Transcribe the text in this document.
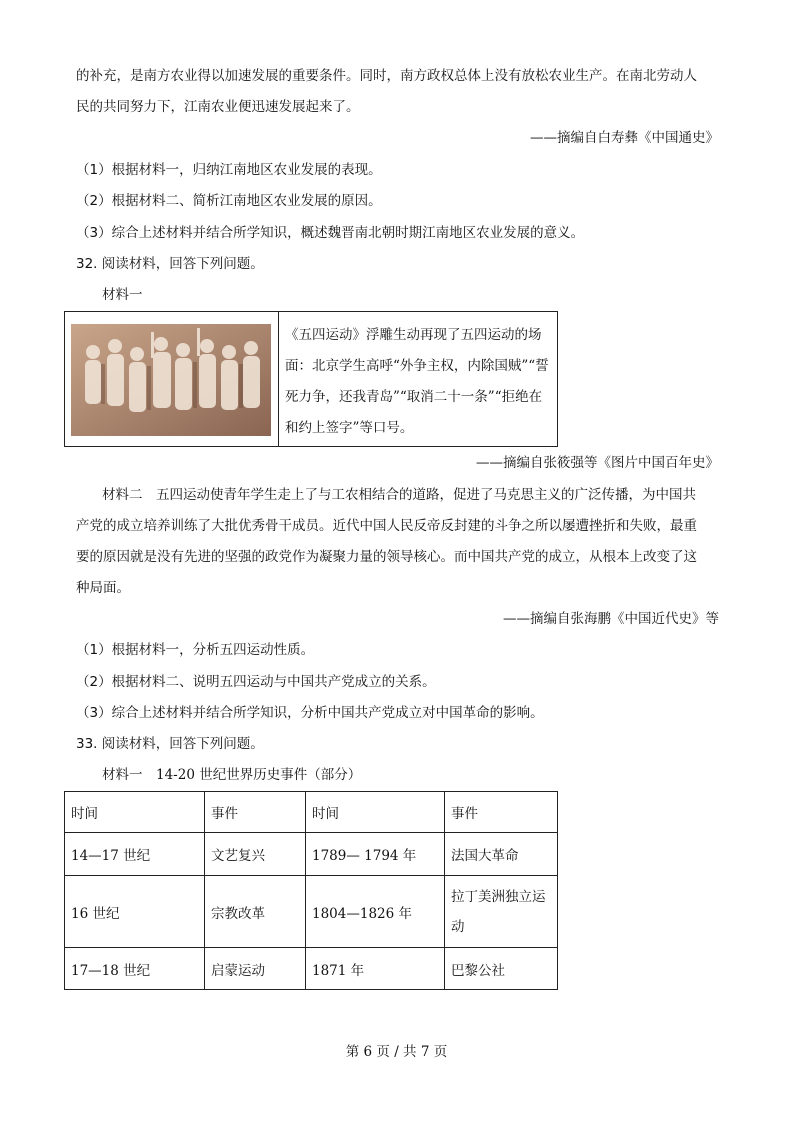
的补充，是南方农业得以加速发展的重要条件。同时，南方政权总体上没有放松农业生产。在南北劳动人
民的共同努力下，江南农业便迅速发展起来了。
——摘编自白寿彝《中国通史》
（1）根据材料一，归纳江南地区农业发展的表现。
（2）根据材料二、简析江南地区农业发展的原因。
（3）综合上述材料并结合所学知识，概述魏晋南北朝时期江南地区农业发展的意义。
32. 阅读材料，回答下列问题。
材料一
《五四运动》浮雕生动再现了五四运动的场面：北京学生高呼“外争主权，内除国贼”“誓死力争，还我青岛”“取消二十一条”“拒绝在和约上签字”等口号。
——摘编自张筱强等《图片中国百年史》
材料二　五四运动使青年学生走上了与工农相结合的道路，促进了马克思主义的广泛传播，为中国共
产党的成立培养训练了大批优秀骨干成员。近代中国人民反帝反封建的斗争之所以屡遭挫折和失败，最重
要的原因就是没有先进的坚强的政党作为凝聚力量的领导核心。而中国共产党的成立，从根本上改变了这
种局面。
——摘编自张海鹏《中国近代史》等
（1）根据材料一，分析五四运动性质。
（2）根据材料二、说明五四运动与中国共产党成立的关系。
（3）综合上述材料并结合所学知识，分析中国共产党成立对中国革命的影响。
33. 阅读材料，回答下列问题。
材料一　14-20 世纪世界历史事件（部分）
时间	事件	时间	事件
14—17 世纪	文艺复兴	1789— 1794 年	法国大革命
16 世纪	宗教改革	1804—1826 年	拉丁美洲独立运动
17—18 世纪	启蒙运动	1871 年	巴黎公社
第 6 页 / 共 7 页
